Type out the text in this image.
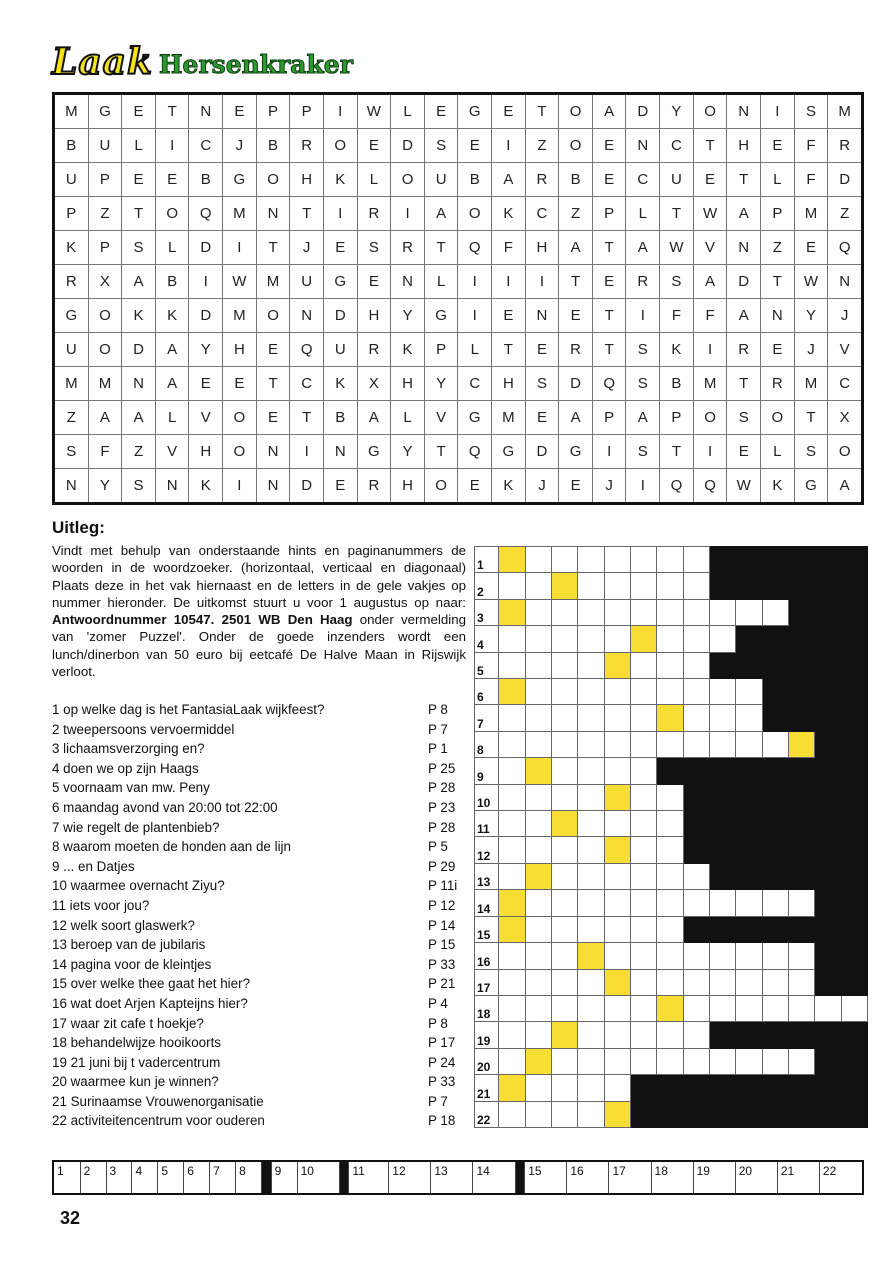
Laak Hersenkraker
M	G	E	T	N	E	P	P	I	W	L	E	G	E	T	O	A	D	Y	O	N	I	S	M
B	U	L	I	C	J	B	R	O	E	D	S	E	I	Z	O	E	N	C	T	H	E	F	R
U	P	E	E	B	G	O	H	K	L	O	U	B	A	R	B	E	C	U	E	T	L	F	D
P	Z	T	O	Q	M	N	T	I	R	I	A	O	K	C	Z	P	L	T	W	A	P	M	Z
K	P	S	L	D	I	T	J	E	S	R	T	Q	F	H	A	T	A	W	V	N	Z	E	Q
R	X	A	B	I	W	M	U	G	E	N	L	I	I	I	T	E	R	S	A	D	T	W	N
G	O	K	K	D	M	O	N	D	H	Y	G	I	E	N	E	T	I	F	F	A	N	Y	J
U	O	D	A	Y	H	E	Q	U	R	K	P	L	T	E	R	T	S	K	I	R	E	J	V
M	M	N	A	E	E	T	C	K	X	H	Y	C	H	S	D	Q	S	B	M	T	R	M	C
Z	A	A	L	V	O	E	T	B	A	L	V	G	M	E	A	P	A	P	O	S	O	T	X
S	F	Z	V	H	O	N	I	N	G	Y	T	Q	G	D	G	I	S	T	I	E	L	S	O
N	Y	S	N	K	I	N	D	E	R	H	O	E	K	J	E	J	I	Q	Q	W	K	G	A
Uitleg:

Vindt met behulp van onderstaande hints en paginanummers de woorden in de woordzoeker. (horizontaal, verticaal en diagonaal) Plaats deze in het vak hiernaast en de letters in de gele vakjes op nummer hieronder. De uitkomst stuurt u voor 1 augustus op naar: Antwoordnummer 10547. 2501 WB Den Haag onder vermelding van 'zomer Puzzel'. Onder de goede inzenders wordt een lunch/dinerbon van 50 euro bij eetcafé De Halve Maan in Rijswijk verloot.

1 op welke dag is het FantasiaLaak wijkfeest?	P 8
2 tweepersoons vervoermiddel	P 7
3 lichaamsverzorging en?	P 1
4 doen we op zijn Haags	P 25
5 voornaam van mw. Peny	P 28
6 maandag avond van 20:00 tot 22:00	P 23
7 wie regelt de plantenbieb?	P 28
8 waarom moeten de honden aan de lijn	P 5
9 ... en Datjes	P 29
10 waarmee overnacht Ziyu?	P 11i
11 iets voor jou?	P 12
12 welk soort glaswerk?	P 14
13 beroep van de jubilaris	P 15
14 pagina voor de kleintjes	P 33
15 over welke thee gaat het hier?	P 21
16 wat doet Arjen Kapteijns hier?	P 4
17 waar zit cafe t hoekje?	P 8
18 behandelwijze hooikoorts	P 17
19 21 juni bij t vadercentrum	P 24
20 waarmee kun je winnen?	P 33
21 Surinaamse Vrouwenorganisatie	P 7
22 activiteitencentrum voor ouderen	P 18
1														
2														
3														
4														
5														
6														
7														
8														
9														
10														
11														
12														
13														
14														
15														
16														
17														
18														
19														
20														
21														
22														
1	2	3	4	5	6	7	8		9	10		11	12	13	14		15	16	17	18	19	20	21	22
32
